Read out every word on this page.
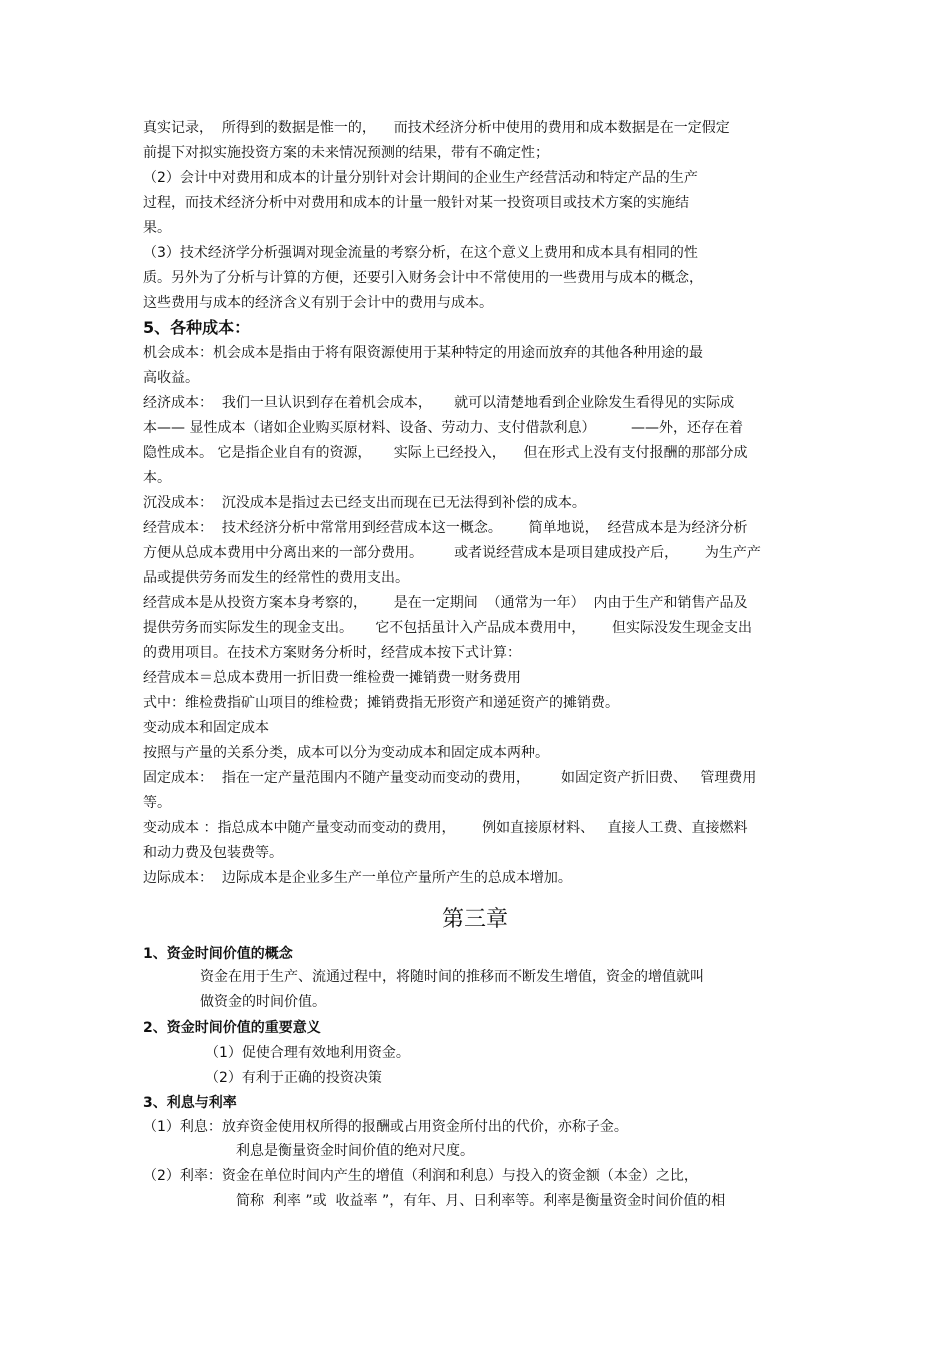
真实记录，  所得到的数据是惟一的，    而技术经济分析中使用的费用和成本数据是在一定假定
前提下对拟实施投资方案的未来情况预测的结果，带有不确定性；
（2）会计中对费用和成本的计量分别针对会计期间的企业生产经营活动和特定产品的生产
过程，而技术经济分析中对费用和成本的计量一般针对某一投资项目或技术方案的实施结
果。
（3）技术经济学分析强调对现金流量的考察分析，在这个意义上费用和成本具有相同的性
质。另外为了分析与计算的方便，还要引入财务会计中不常使用的一些费用与成本的概念，
这些费用与成本的经济含义有别于会计中的费用与成本。
5、各种成本：
机会成本：机会成本是指由于将有限资源使用于某种特定的用途而放弃的其他各种用途的最
高收益。
经济成本：  我们一旦认识到存在着机会成本，     就可以清楚地看到企业除发生看得见的实际成
本—— 显性成本（诸如企业购买原材料、设备、劳动力、支付借款利息）        ——外，还存在着
隐性成本。 它是指企业自有的资源，     实际上已经投入，    但在形式上没有支付报酬的那部分成
本。
沉没成本：  沉没成本是指过去已经支出而现在已无法得到补偿的成本。
经营成本：  技术经济分析中常常用到经营成本这一概念。      简单地说，  经营成本是为经济分析
方便从总成本费用中分离出来的一部分费用。       或者说经营成本是项目建成投产后，      为生产产
品或提供劳务而发生的经常性的费用支出。
经营成本是从投资方案本身考察的，      是在一定期间  （通常为一年）  内由于生产和销售产品及
提供劳务而实际发生的现金支出。     它不包括虽计入产品成本费用中，      但实际没发生现金支出
的费用项目。在技术方案财务分析时，经营成本按下式计算：
经营成本＝总成本费用一折旧费一维检费一摊销费一财务费用
式中：维检费指矿山项目的维检费；摊销费指无形资产和递延资产的摊销费。
变动成本和固定成本
按照与产量的关系分类，成本可以分为变动成本和固定成本两种。
固定成本：  指在一定产量范围内不随产量变动而变动的费用，       如固定资产折旧费、   管理费用
等。
变动成本 ：指总成本中随产量变动而变动的费用，      例如直接原材料、   直接人工费、直接燃料
和动力费及包装费等。
边际成本：  边际成本是企业多生产一单位产量所产生的总成本增加。
第三章
1、资金时间价值的概念
资金在用于生产、流通过程中，将随时间的推移而不断发生增值，资金的增值就叫
做资金的时间价值。
2、资金时间价值的重要意义
（1）促使合理有效地利用资金。
（2）有利于正确的投资决策
3、利息与利率
（1）利息：放弃资金使用权所得的报酬或占用资金所付出的代价，亦称子金。
利息是衡量资金时间价值的绝对尺度。
（2）利率：资金在单位时间内产生的增值（利润和利息）与投入的资金额（本金）之比，
简称  利率 ”或  收益率 ”，有年、月、日利率等。利率是衡量资金时间价值的相
